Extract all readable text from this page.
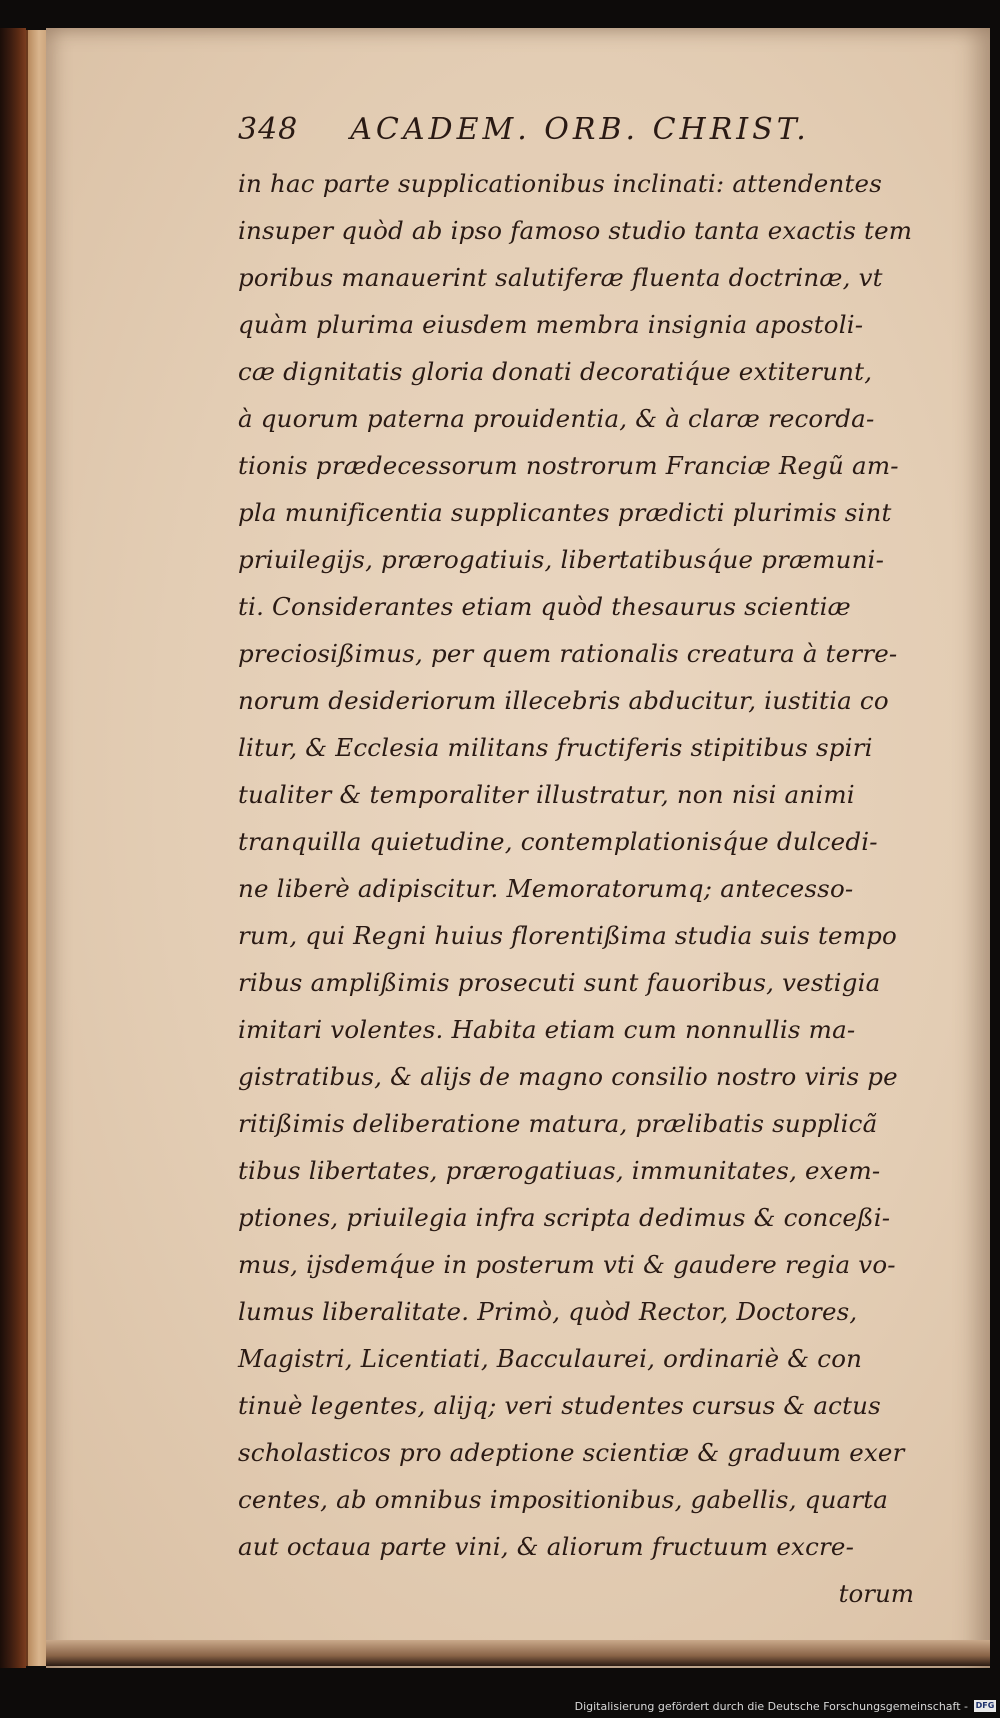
348 ACADEM. ORB. CHRIST.
in hac parte supplicationibus inclinati: attendentes
insuper quòd ab ipso famoso studio tanta exactis tem
poribus manauerint salutiferæ fluenta doctrinæ, vt
quàm plurima eiusdem membra insignia apostoli-
cæ dignitatis gloria donati decoratiq́ue extiterunt,
à quorum paterna prouidentia, & à claræ recorda-
tionis prædecessorum nostrorum Franciæ Regũ am-
pla munificentia supplicantes prædicti plurimis sint
priuilegijs, prærogatiuis, libertatibusq́ue præmuni-
ti. Considerantes etiam quòd thesaurus scientiæ
preciosißimus, per quem rationalis creatura à terre-
norum desideriorum illecebris abducitur, iustitia co
litur, & Ecclesia militans fructiferis stipitibus spiri
tualiter & temporaliter illustratur, non nisi animi
tranquilla quietudine, contemplationisq́ue dulcedi-
ne liberè adipiscitur. Memoratorumq; antecesso-
rum, qui Regni huius florentißima studia suis tempo
ribus amplißimis prosecuti sunt fauoribus, vestigia
imitari volentes. Habita etiam cum nonnullis ma-
gistratibus, & alijs de magno consilio nostro viris pe
ritißimis deliberatione matura, prælibatis supplicã
tibus libertates, prærogatiuas, immunitates, exem-
ptiones, priuilegia infra scripta dedimus & conceßi-
mus, ijsdemq́ue in posterum vti & gaudere regia vo-
lumus liberalitate. Primò, quòd Rector, Doctores,
Magistri, Licentiati, Bacculaurei, ordinariè & con
tinuè legentes, alijq; veri studentes cursus & actus
scholasticos pro adeptione scientiæ & graduum exer
centes, ab omnibus impositionibus, gabellis, quarta
aut octaua parte vini, & aliorum fructuum excre-
torum
Digitalisierung gefördert durch die Deutsche Forschungsgemeinschaft - DFG
